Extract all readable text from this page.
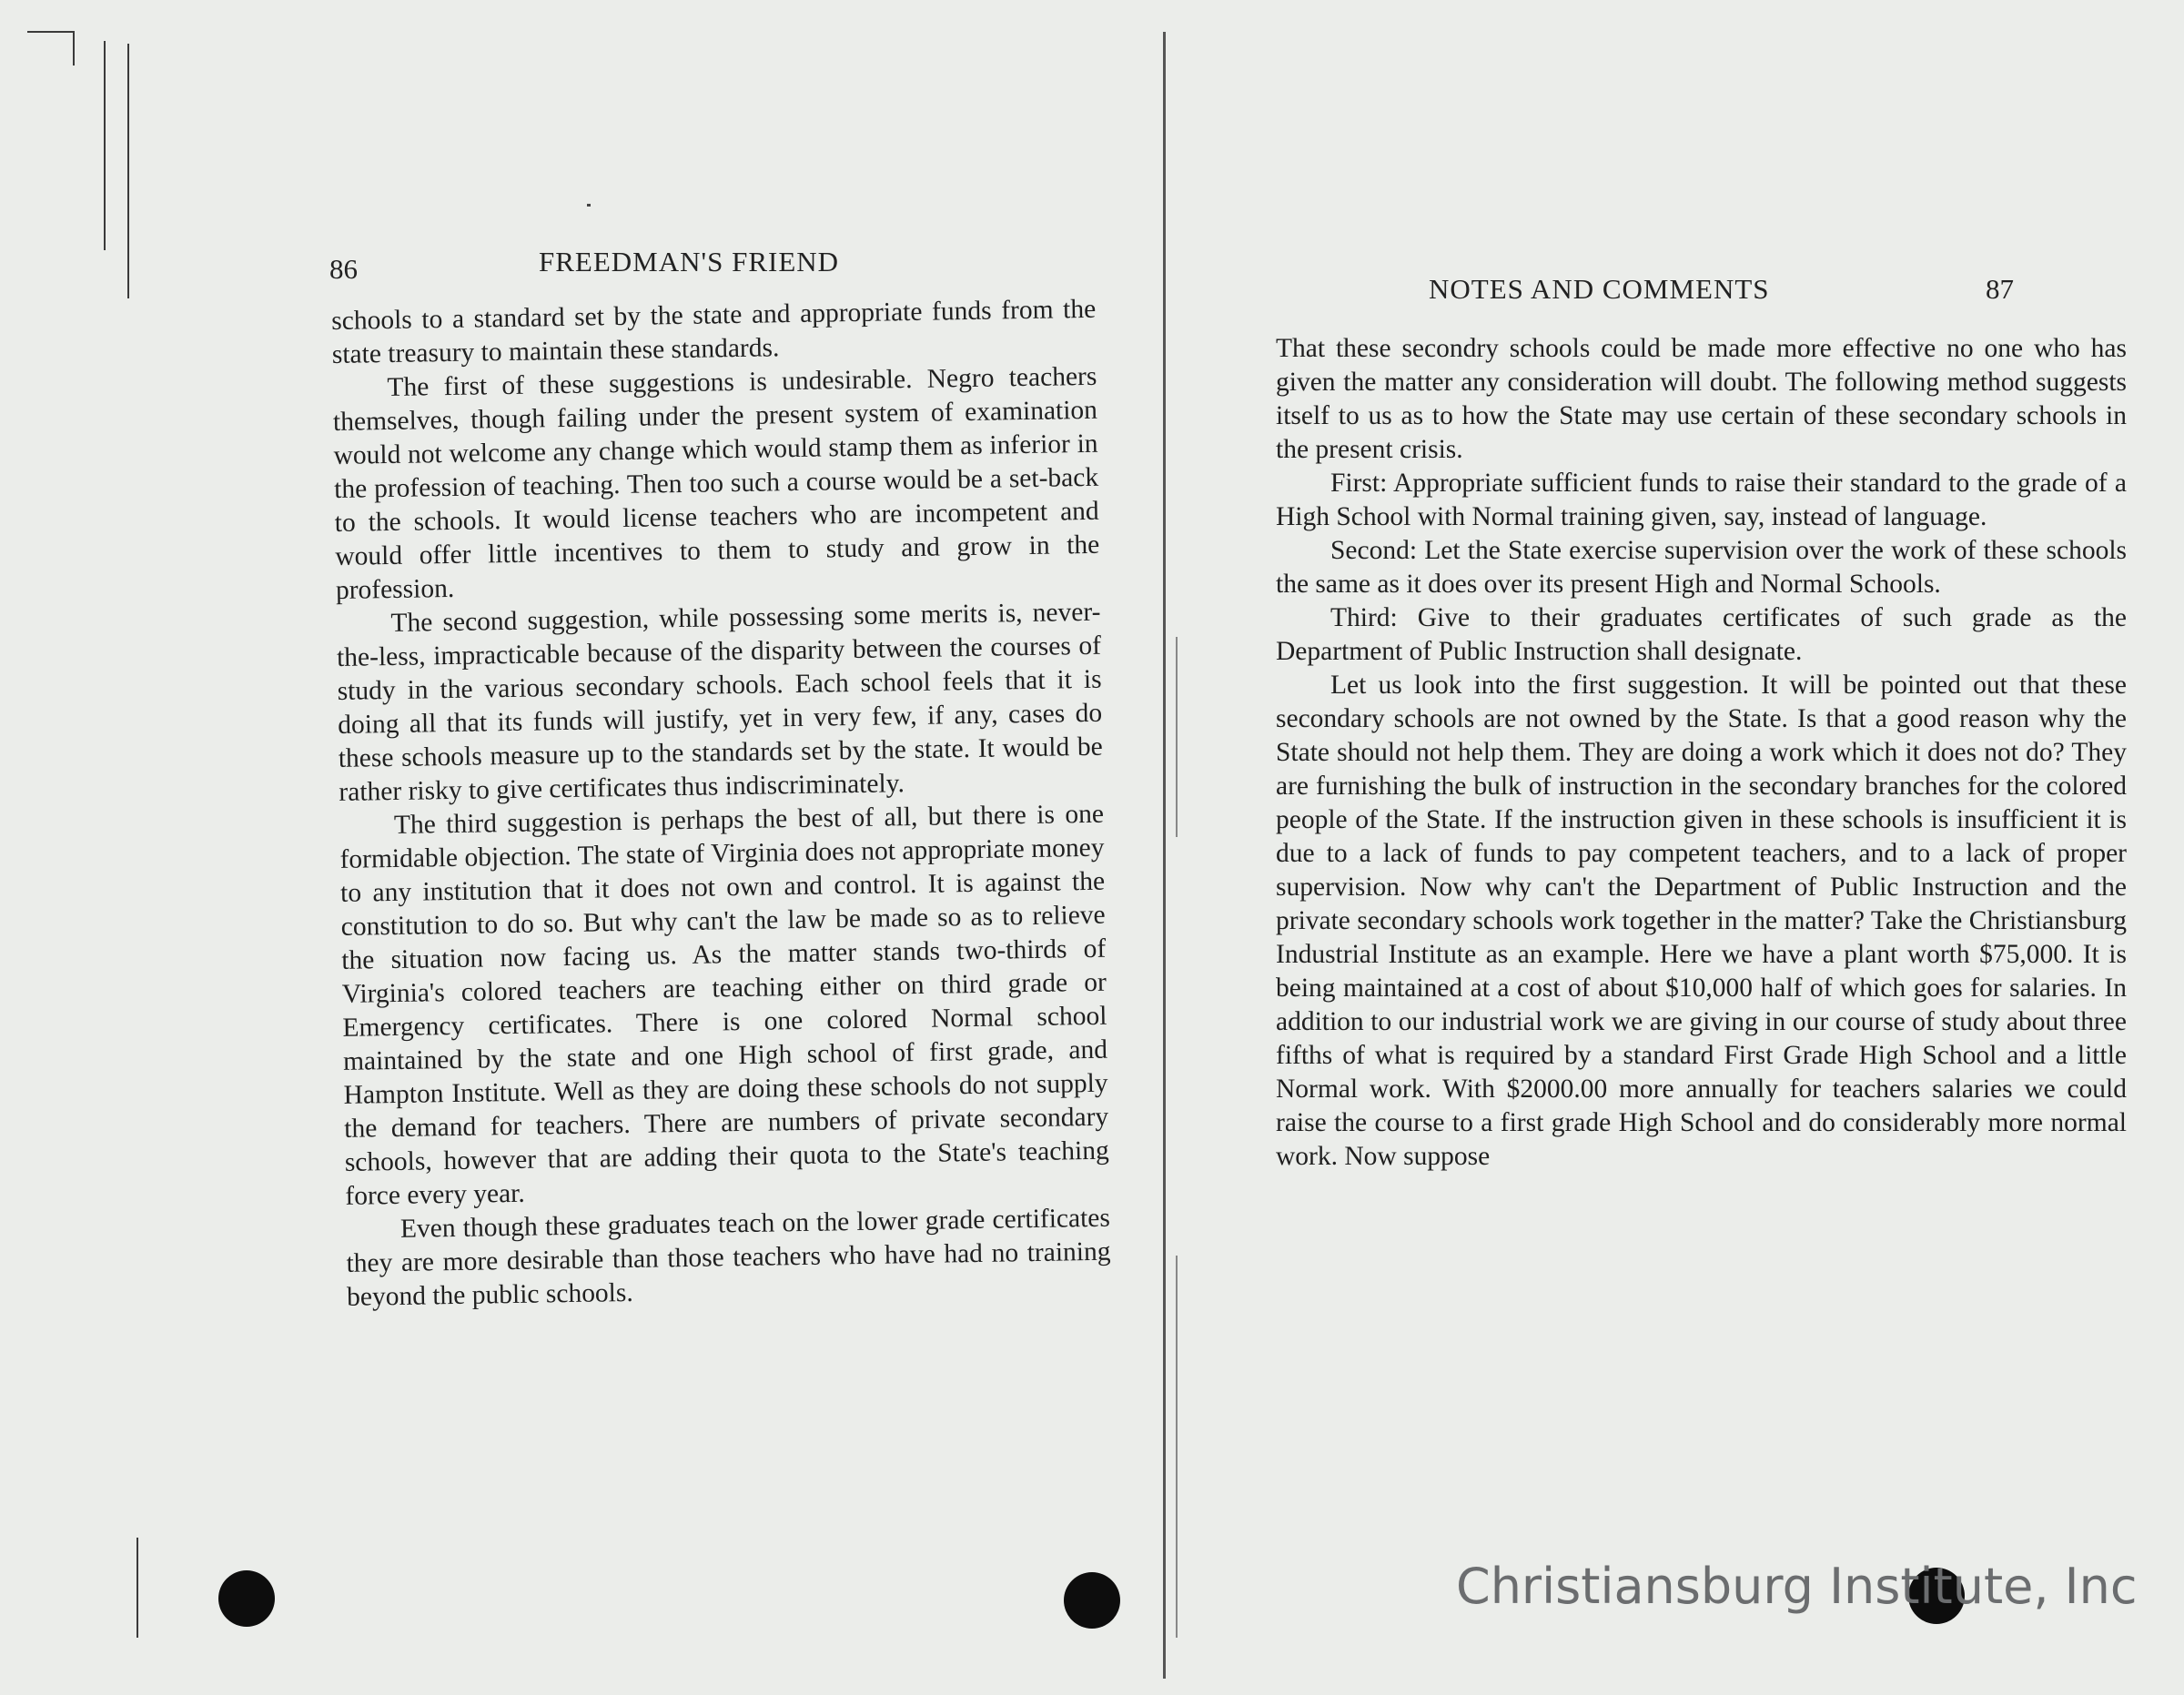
86	FREEDMAN'S FRIEND

schools to a standard set by the state and appropriate funds from the state treasury to maintain these standards.

The first of these suggestions is undesirable. Negro teachers themselves, though failing under the present system of examination would not welcome any change which would stamp them as inferior in the profession of teaching. Then too such a course would be a set-back to the schools. It would license teachers who are incompetent and would offer little incentives to them to study and grow in the profession.

The second suggestion, while possessing some merits is, never-the-less, impracticable because of the disparity between the courses of study in the various secondary schools. Each school feels that it is doing all that its funds will justify, yet in very few, if any, cases do these schools measure up to the standards set by the state. It would be rather risky to give certificates thus indiscriminately.

The third suggestion is perhaps the best of all, but there is one formidable objection. The state of Virginia does not appropriate money to any institution that it does not own and control. It is against the constitution to do so. But why can't the law be made so as to relieve the situation now facing us. As the matter stands two-thirds of Virginia's colored teachers are teaching either on third grade or Emergency certificates. There is one colored Normal school maintained by the state and one High school of first grade, and Hampton Institute. Well as they are doing these schools do not supply the demand for teachers. There are numbers of private secondary schools, however that are adding their quota to the State's teaching force every year.

Even though these graduates teach on the lower grade certificates they are more desirable than those teachers who have had no training beyond the public schools.

NOTES AND COMMENTS	87

That these secondry schools could be made more effective no one who has given the matter any consideration will doubt. The following method suggests itself to us as to how the State may use certain of these secondary schools in the present crisis.

First: Appropriate sufficient funds to raise their standard to the grade of a High School with Normal training given, say, instead of language.

Second: Let the State exercise supervision over the work of these schools the same as it does over its present High and Normal Schools.

Third: Give to their graduates certificates of such grade as the Department of Public Instruction shall designate.

Let us look into the first suggestion. It will be pointed out that these secondary schools are not owned by the State. Is that a good reason why the State should not help them. They are doing a work which it does not do? They are furnishing the bulk of instruction in the secondary branches for the colored people of the State. If the instruction given in these schools is insufficient it is due to a lack of funds to pay competent teachers, and to a lack of proper supervision. Now why can't the Department of Public Instruction and the private secondary schools work together in the matter? Take the Christiansburg Industrial Institute as an example. Here we have a plant worth $75,000. It is being maintained at a cost of about $10,000 half of which goes for salaries. In addition to our industrial work we are giving in our course of study about three fifths of what is required by a standard First Grade High School and a little Normal work. With $2000.00 more annually for teachers salaries we could raise the course to a first grade High School and do considerably more normal work. Now suppose

Christiansburg Institute, Inc
